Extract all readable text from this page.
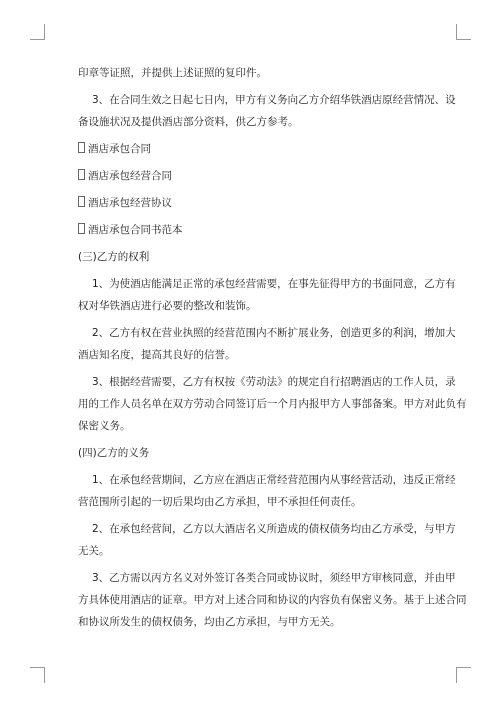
印章等证照，并提供上述证照的复印件。
3、在合同生效之日起七日内，甲方有义务向乙方介绍华铁酒店原经营情况、设
备设施状况及提供酒店部分资料，供乙方参考。
酒店承包合同
酒店承包经营合同
酒店承包经营协议
酒店承包合同书范本
(三)乙方的权利
1、为使酒店能满足正常的承包经营需要，在事先征得甲方的书面同意，乙方有
权对华铁酒店进行必要的整改和装饰。
2、乙方有权在营业执照的经营范围内不断扩展业务，创造更多的利润，增加大
酒店知名度，提高其良好的信誉。
3、根据经营需要，乙方有权按《劳动法》的规定自行招聘酒店的工作人员，录
用的工作人员名单在双方劳动合同签订后一个月内报甲方人事部备案。甲方对此负有
保密义务。
(四)乙方的义务
1、在承包经营期间，乙方应在酒店正常经营范围内从事经营活动，违反正常经
营范围所引起的一切后果均由乙方承担，甲不承担任何责任。
2、在承包经营间，乙方以大酒店名义所造成的债权债务均由乙方承受，与甲方
无关。
3、乙方需以丙方名义对外签订各类合同或协议时，须经甲方审核同意，并由甲
方具体使用酒店的证章。甲方对上述合同和协议的内容负有保密义务。基于上述合同
和协议所发生的债权债务，均由乙方承担，与甲方无关。
